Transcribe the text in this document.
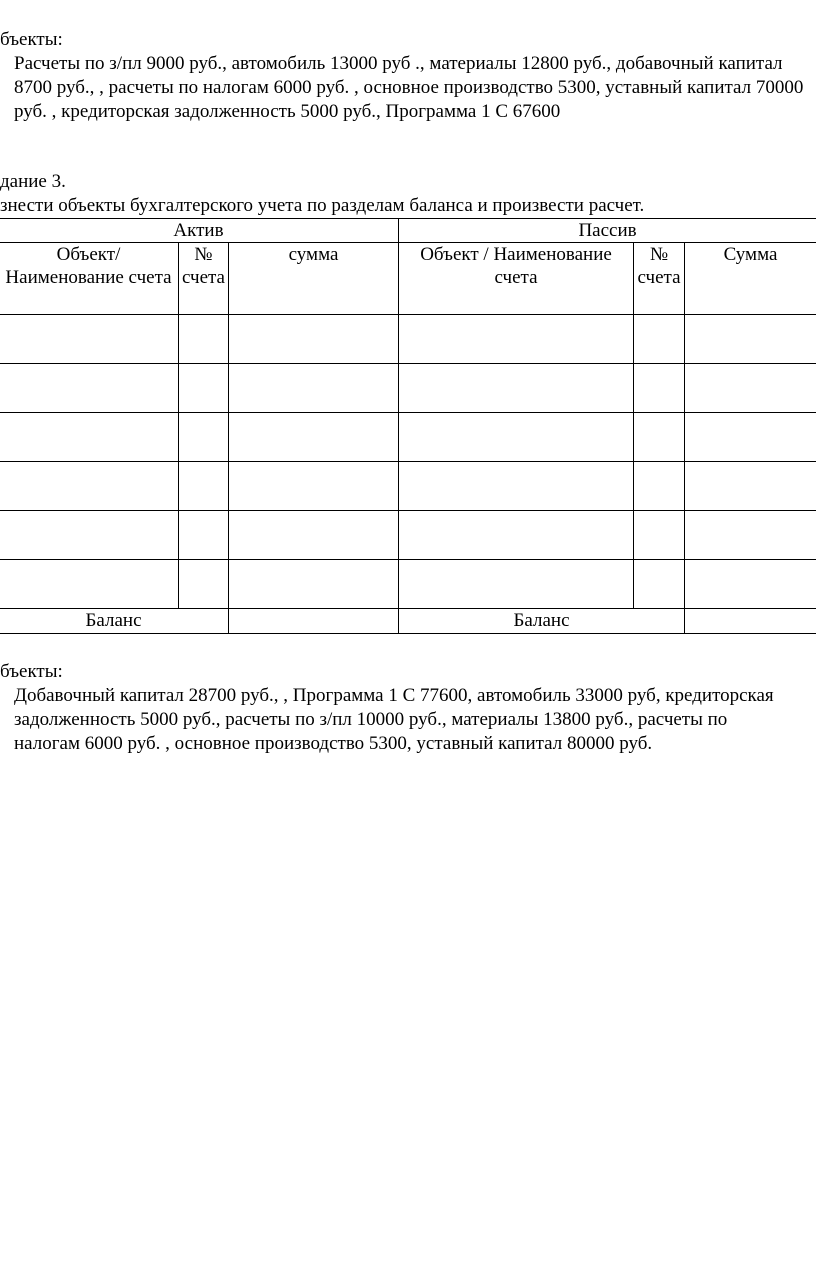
бъекты:
Расчеты по з/пл 9000 руб., автомобиль 13000 руб ., материалы 12800 руб., добавочный капитал 8700 руб., , расчеты по налогам 6000 руб. , основное производство 5300, уставный капитал 70000 руб. , кредиторская задолженность 5000 руб., Программа 1 С 67600
дание 3.
знести объекты бухгалтерского учета по разделам баланса и произвести расчет.
Актив			Пассив		
Объект/ Наименование счета	№ счета	сумма	Объект / Наименование счета	№ счета	Сумма

Баланс			Баланс		
бъекты:
Добавочный капитал 28700 руб., , Программа 1 С 77600, автомобиль 33000 руб, кредиторская задолженность 5000 руб., расчеты по з/пл 10000 руб., материалы 13800 руб., расчеты по налогам 6000 руб. , основное производство 5300, уставный капитал 80000 руб.
